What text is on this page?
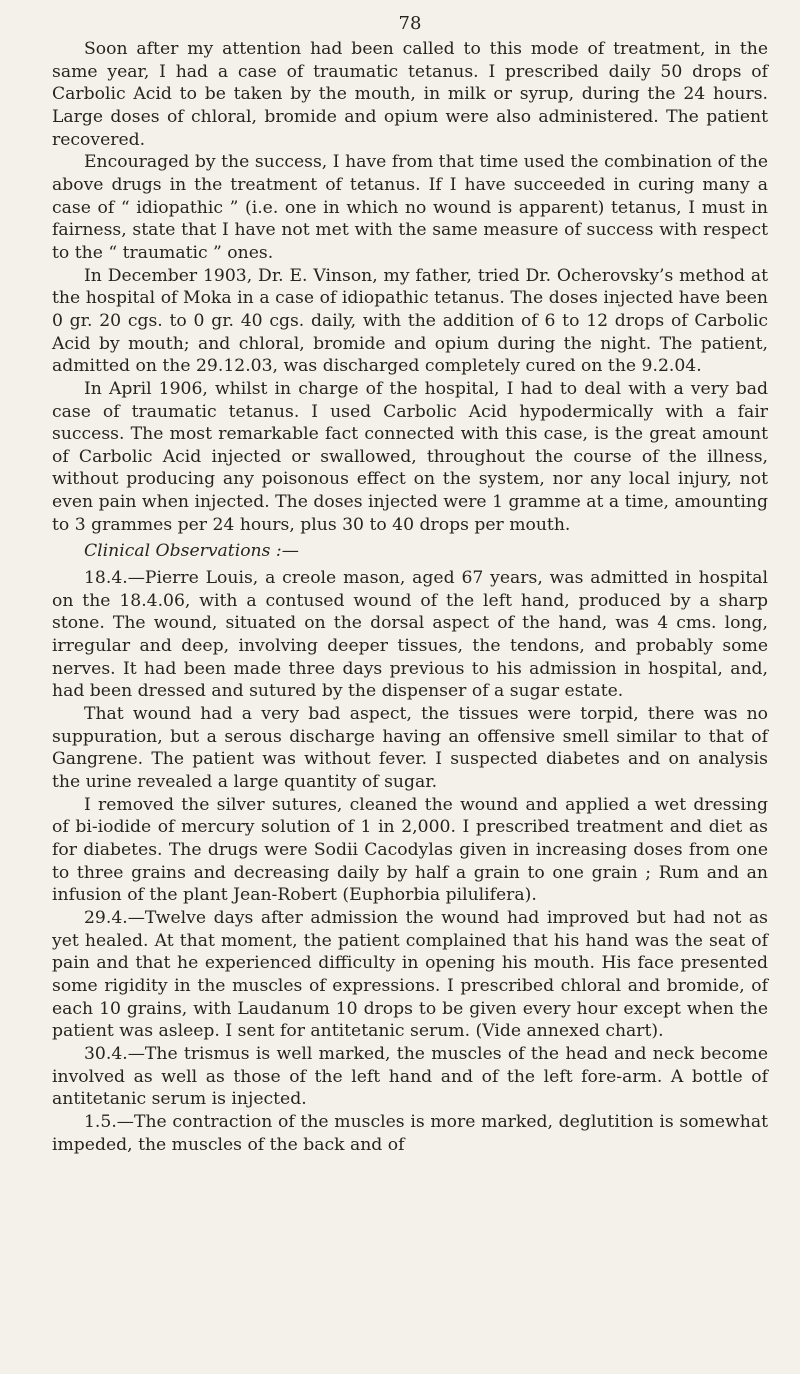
78

Soon after my attention had been called to this mode of treatment, in the same year, I had a case of traumatic tetanus. I prescribed daily 50 drops of Carbolic Acid to be taken by the mouth, in milk or syrup, during the 24 hours. Large doses of chloral, bromide and opium were also administered. The patient recovered.

Encouraged by the success, I have from that time used the combination of the above drugs in the treatment of tetanus. If I have succeeded in curing many a case of “ idiopathic ” (i.e. one in which no wound is apparent) tetanus, I must in fairness, state that I have not met with the same measure of success with respect to the “ traumatic ” ones.

In December 1903, Dr. E. Vinson, my father, tried Dr. Ocherovsky’s method at the hospital of Moka in a case of idiopathic tetanus. The doses injected have been 0 gr. 20 cgs. to 0 gr. 40 cgs. daily, with the addition of 6 to 12 drops of Carbolic Acid by mouth; and chloral, bromide and opium during the night. The patient, admitted on the 29.12.03, was discharged completely cured on the 9.2.04.

In April 1906, whilst in charge of the hospital, I had to deal with a very bad case of traumatic tetanus. I used Carbolic Acid hypodermically with a fair success. The most remarkable fact connected with this case, is the great amount of Carbolic Acid injected or swallowed, throughout the course of the illness, without producing any poisonous effect on the system, nor any local injury, not even pain when injected. The doses injected were 1 gramme at a time, amounting to 3 grammes per 24 hours, plus 30 to 40 drops per mouth.

Clinical Observations :—

18.4.—Pierre Louis, a creole mason, aged 67 years, was admitted in hospital on the 18.4.06, with a contused wound of the left hand, produced by a sharp stone. The wound, situated on the dorsal aspect of the hand, was 4 cms. long, irregular and deep, involving deeper tissues, the tendons, and probably some nerves. It had been made three days previous to his admission in hospital, and, had been dressed and sutured by the dispenser of a sugar estate.

That wound had a very bad aspect, the tissues were torpid, there was no suppuration, but a serous discharge having an offensive smell similar to that of Gangrene. The patient was without fever. I suspected diabetes and on analysis the urine revealed a large quantity of sugar.

I removed the silver sutures, cleaned the wound and applied a wet dressing of bi-iodide of mercury solution of 1 in 2,000. I prescribed treatment and diet as for diabetes. The drugs were Sodii Cacodylas given in increasing doses from one to three grains and decreasing daily by half a grain to one grain ; Rum and an infusion of the plant Jean-Robert (Euphorbia pilulifera).

29.4.—Twelve days after admission the wound had improved but had not as yet healed. At that moment, the patient complained that his hand was the seat of pain and that he experienced difficulty in opening his mouth. His face presented some rigidity in the muscles of expressions. I prescribed chloral and bromide, of each 10 grains, with Laudanum 10 drops to be given every hour except when the patient was asleep. I sent for antitetanic serum. (Vide annexed chart).

30.4.—The trismus is well marked, the muscles of the head and neck become involved as well as those of the left hand and of the left fore-arm. A bottle of antitetanic serum is injected.

1.5.—The contraction of the muscles is more marked, deglutition is somewhat impeded, the muscles of the back and of
